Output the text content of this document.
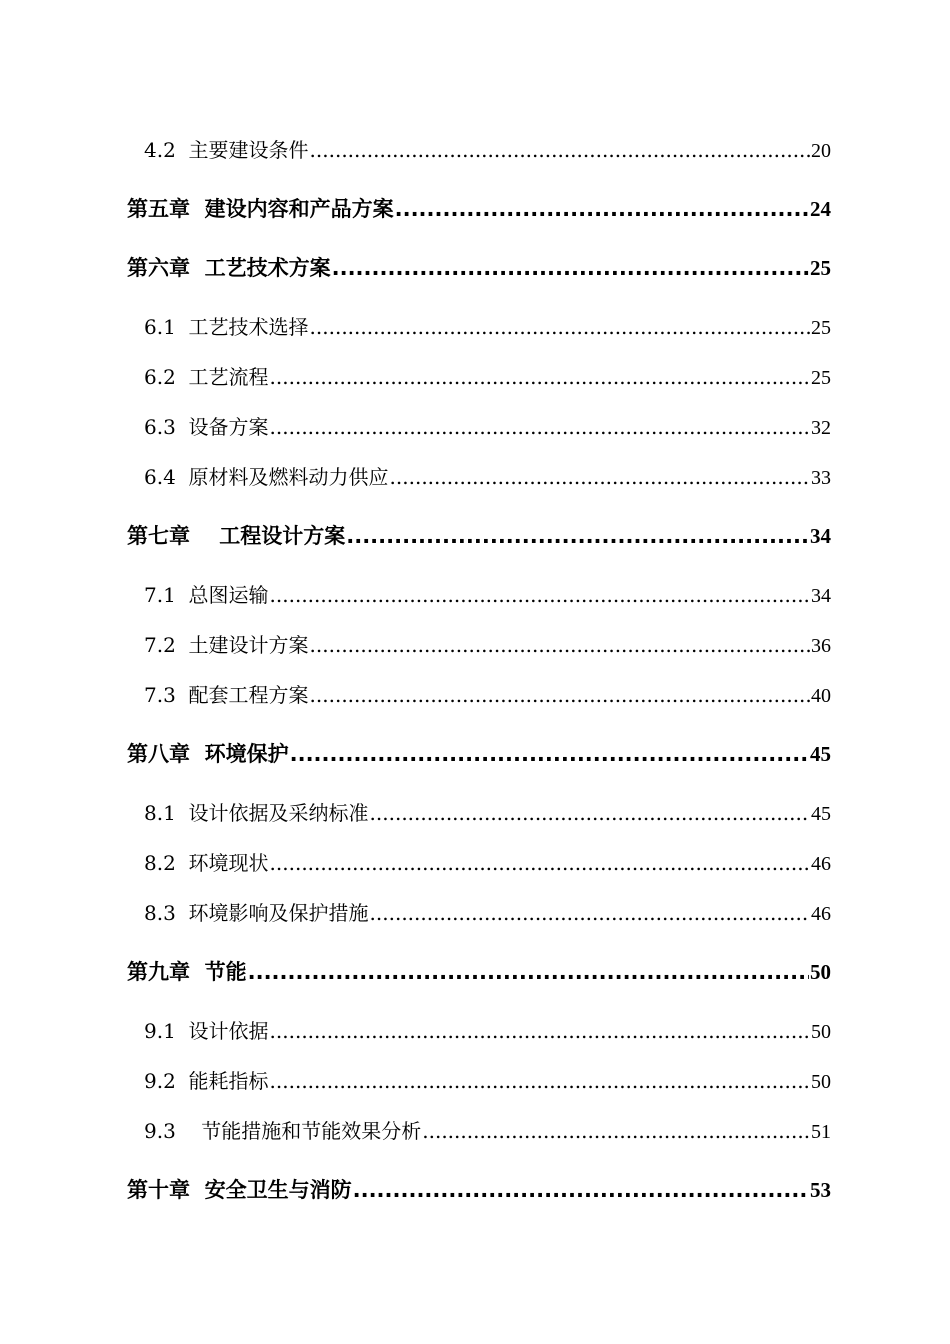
4.2  主要建设条件 .....	20
第五章  建设内容和产品方案 .....	24
第六章  工艺技术方案 .....	25
6.1  工艺技术选择 .....	25
6.2  工艺流程 .....	25
6.3  设备方案 .....	32
6.4  原材料及燃料动力供应 .....	33
第七章    工程设计方案 .....	34
7.1  总图运输 .....	34
7.2  土建设计方案 .....	36
7.3  配套工程方案 .....	40
第八章  环境保护 .....	45
8.1  设计依据及采纳标准 .....	45
8.2  环境现状 .....	46
8.3  环境影响及保护措施 .....	46
第九章  节能 .....	50
9.1  设计依据 .....	50
9.2  能耗指标 .....	50
9.3    节能措施和节能效果分析 .....	51
第十章  安全卫生与消防 .....	53
